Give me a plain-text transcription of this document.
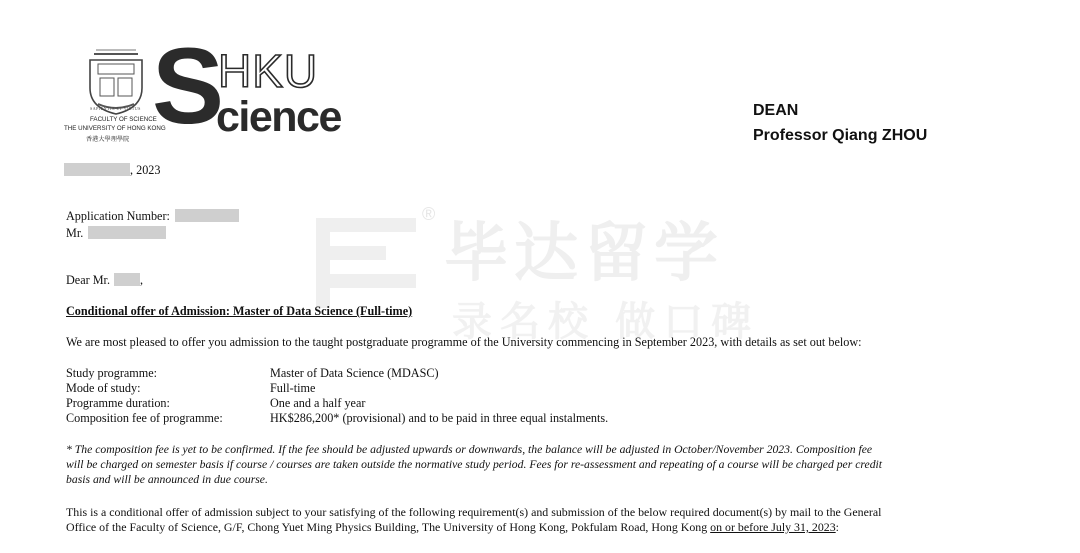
®
毕达留学
录名校 做口碑
SAPIENTIA ET VIRTUS
FACULTY OF SCIENCE
THE UNIVERSITY OF HONG KONG
香港大學理學院 S
HKU
cience	DEAN
Professor Qiang ZHOU
, 2023
Application Number:
Mr.
Dear Mr. ,
Conditional offer of Admission: Master of Data Science (Full-time)
We are most pleased to offer you admission to the taught postgraduate programme of the University commencing in September 2023, with details as set out below:
Study programme:	Master of Data Science (MDASC)
Mode of study:	Full-time
Programme duration:	One and a half year
Composition fee of programme:	HK$286,200* (provisional) and to be paid in three equal instalments.
* The composition fee is yet to be confirmed. If the fee should be adjusted upwards or downwards, the balance will be adjusted in October/November 2023. Composition fee
will be charged on semester basis if course / courses are taken outside the normative study period. Fees for re-assessment and repeating of a course will be charged per credit
basis and will be announced in due course.
This is a conditional offer of admission subject to your satisfying of the following requirement(s) and submission of the below required document(s) by mail to the General
Office of the Faculty of Science, G/F, Chong Yuet Ming Physics Building, The University of Hong Kong, Pokfulam Road, Hong Kong on or before July 31, 2023:
